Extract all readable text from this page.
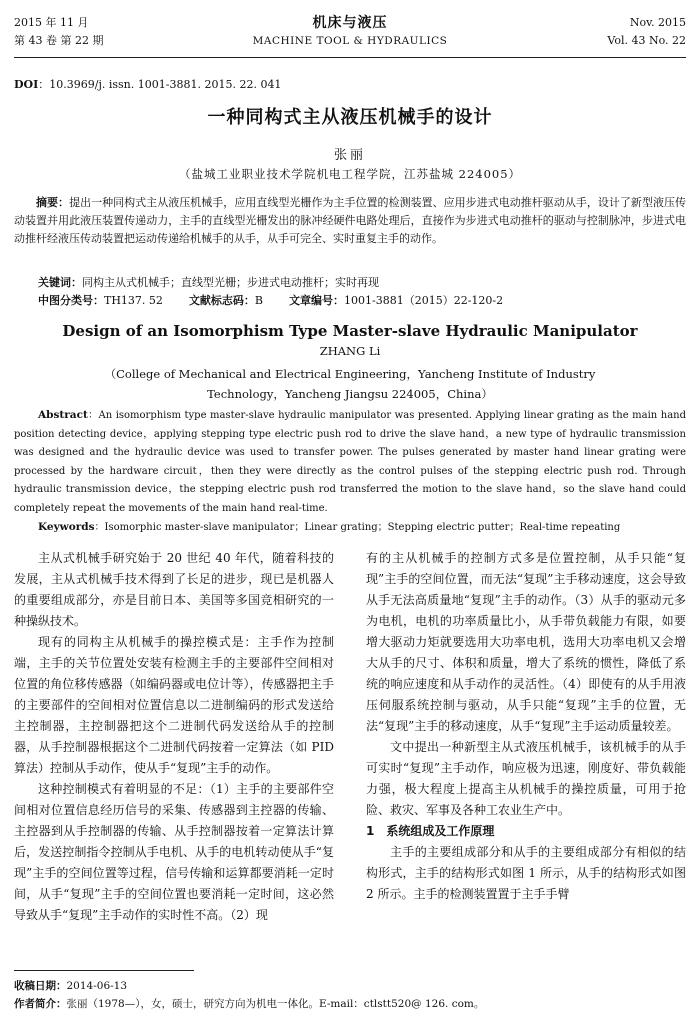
2015 年 11 月
第 43 卷 第 22 期
机床与液压
MACHINE TOOL & HYDRAULICS
Nov. 2015
Vol. 43 No. 22
DOI：10.3969/j. issn. 1001-3881. 2015. 22. 041
一种同构式主从液压机械手的设计
张丽
（盐城工业职业技术学院机电工程学院，江苏盐城 224005）
摘要：提出一种同构式主从液压机械手，应用直线型光栅作为主手位置的检测装置、应用步进式电动推杆驱动从手，设计了新型液压传动装置并用此液压装置传递动力，主手的直线型光栅发出的脉冲经硬件电路处理后，直接作为步进式电动推杆的驱动与控制脉冲，步进式电动推杆经液压传动装置把运动传递给机械手的从手，从手可完全、实时重复主手的动作。
关键词：同构主从式机械手；直线型光栅；步进式电动推杆；实时再现
中图分类号：TH137. 52 文献标志码：B 文章编号：1001-3881（2015）22-120-2
Design of an Isomorphism Type Master-slave Hydraulic Manipulator
ZHANG Li
（College of Mechanical and Electrical Engineering，Yancheng Institute of Industry Technology，Yancheng Jiangsu 224005，China）
Abstract：An isomorphism type master-slave hydraulic manipulator was presented. Applying linear grating as the main hand position detecting device，applying stepping type electric push rod to drive the slave hand，a new type of hydraulic transmission was designed and the hydraulic device was used to transfer power. The pulses generated by master hand linear grating were processed by the hardware circuit，then they were directly as the control pulses of the stepping electric push rod. Through hydraulic transmission device，the stepping electric push rod transferred the motion to the slave hand，so the slave hand could completely repeat the movements of the main hand real-time.
Keywords：Isomorphic master-slave manipulator；Linear grating；Stepping electric putter；Real-time repeating

主从式机械手研究始于 20 世纪 40 年代，随着科技的发展，主从式机械手技术得到了长足的进步，现已是机器人的重要组成部分，亦是目前日本、美国等多国竞相研究的一种操纵技术。

现有的同构主从机械手的操控模式是：主手作为控制端，主手的关节位置处安装有检测主手的主要部件空间相对位置的角位移传感器（如编码器或电位计等），传感器把主手的主要部件的空间相对位置信息以二进制编码的形式发送给主控制器，主控制器把这个二进制代码发送给从手的控制器，从手控制器根据这个二进制代码按着一定算法（如 PID 算法）控制从手动作，使从手“复现”主手的动作。

这种控制模式有着明显的不足：（1）主手的主要部件空间相对位置信息经历信号的采集、传感器到主控器的传输、主控器到从手控制器的传输、从手控制器按着一定算法计算后，发送控制指令控制从手电机、从手的电机转动使从手“复现”主手的空间位置等过程，信号传输和运算都要消耗一定时间，从手“复现”主手的空间位置也要消耗一定时间，这必然导致从手“复现”主手动作的实时性不高。（2）现

有的主从机械手的控制方式多是位置控制，从手只能“复现”主手的空间位置，而无法“复现”主手移动速度，这会导致从手无法高质量地“复现”主手的动作。（3）从手的驱动元多为电机，电机的功率质量比小，从手带负载能力有限，如要增大驱动力矩就要选用大功率电机，选用大功率电机又会增大从手的尺寸、体积和质量，增大了系统的惯性，降低了系统的响应速度和从手动作的灵活性。（4）即使有的从手用液压伺服系统控制与驱动，从手只能“复现”主手的位置，无法“复现”主手的移动速度，从手“复现”主手运动质量较差。

文中提出一种新型主从式液压机械手，该机械手的从手可实时“复现”主手动作，响应极为迅速，刚度好、带负载能力强，极大程度上提高主从机械手的操控质量，可用于抢险、救灾、军事及各种工农业生产中。

1　系统组成及工作原理

主手的主要组成部分和从手的主要组成部分有相似的结构形式，主手的结构形式如图 1 所示，从手的结构形式如图 2 所示。主手的检测装置置于主手手臂

收稿日期：2014-06-13
作者简介：张丽（1978—），女，硕士，研究方向为机电一体化。E-mail：ctlstt520@ 126. com。
